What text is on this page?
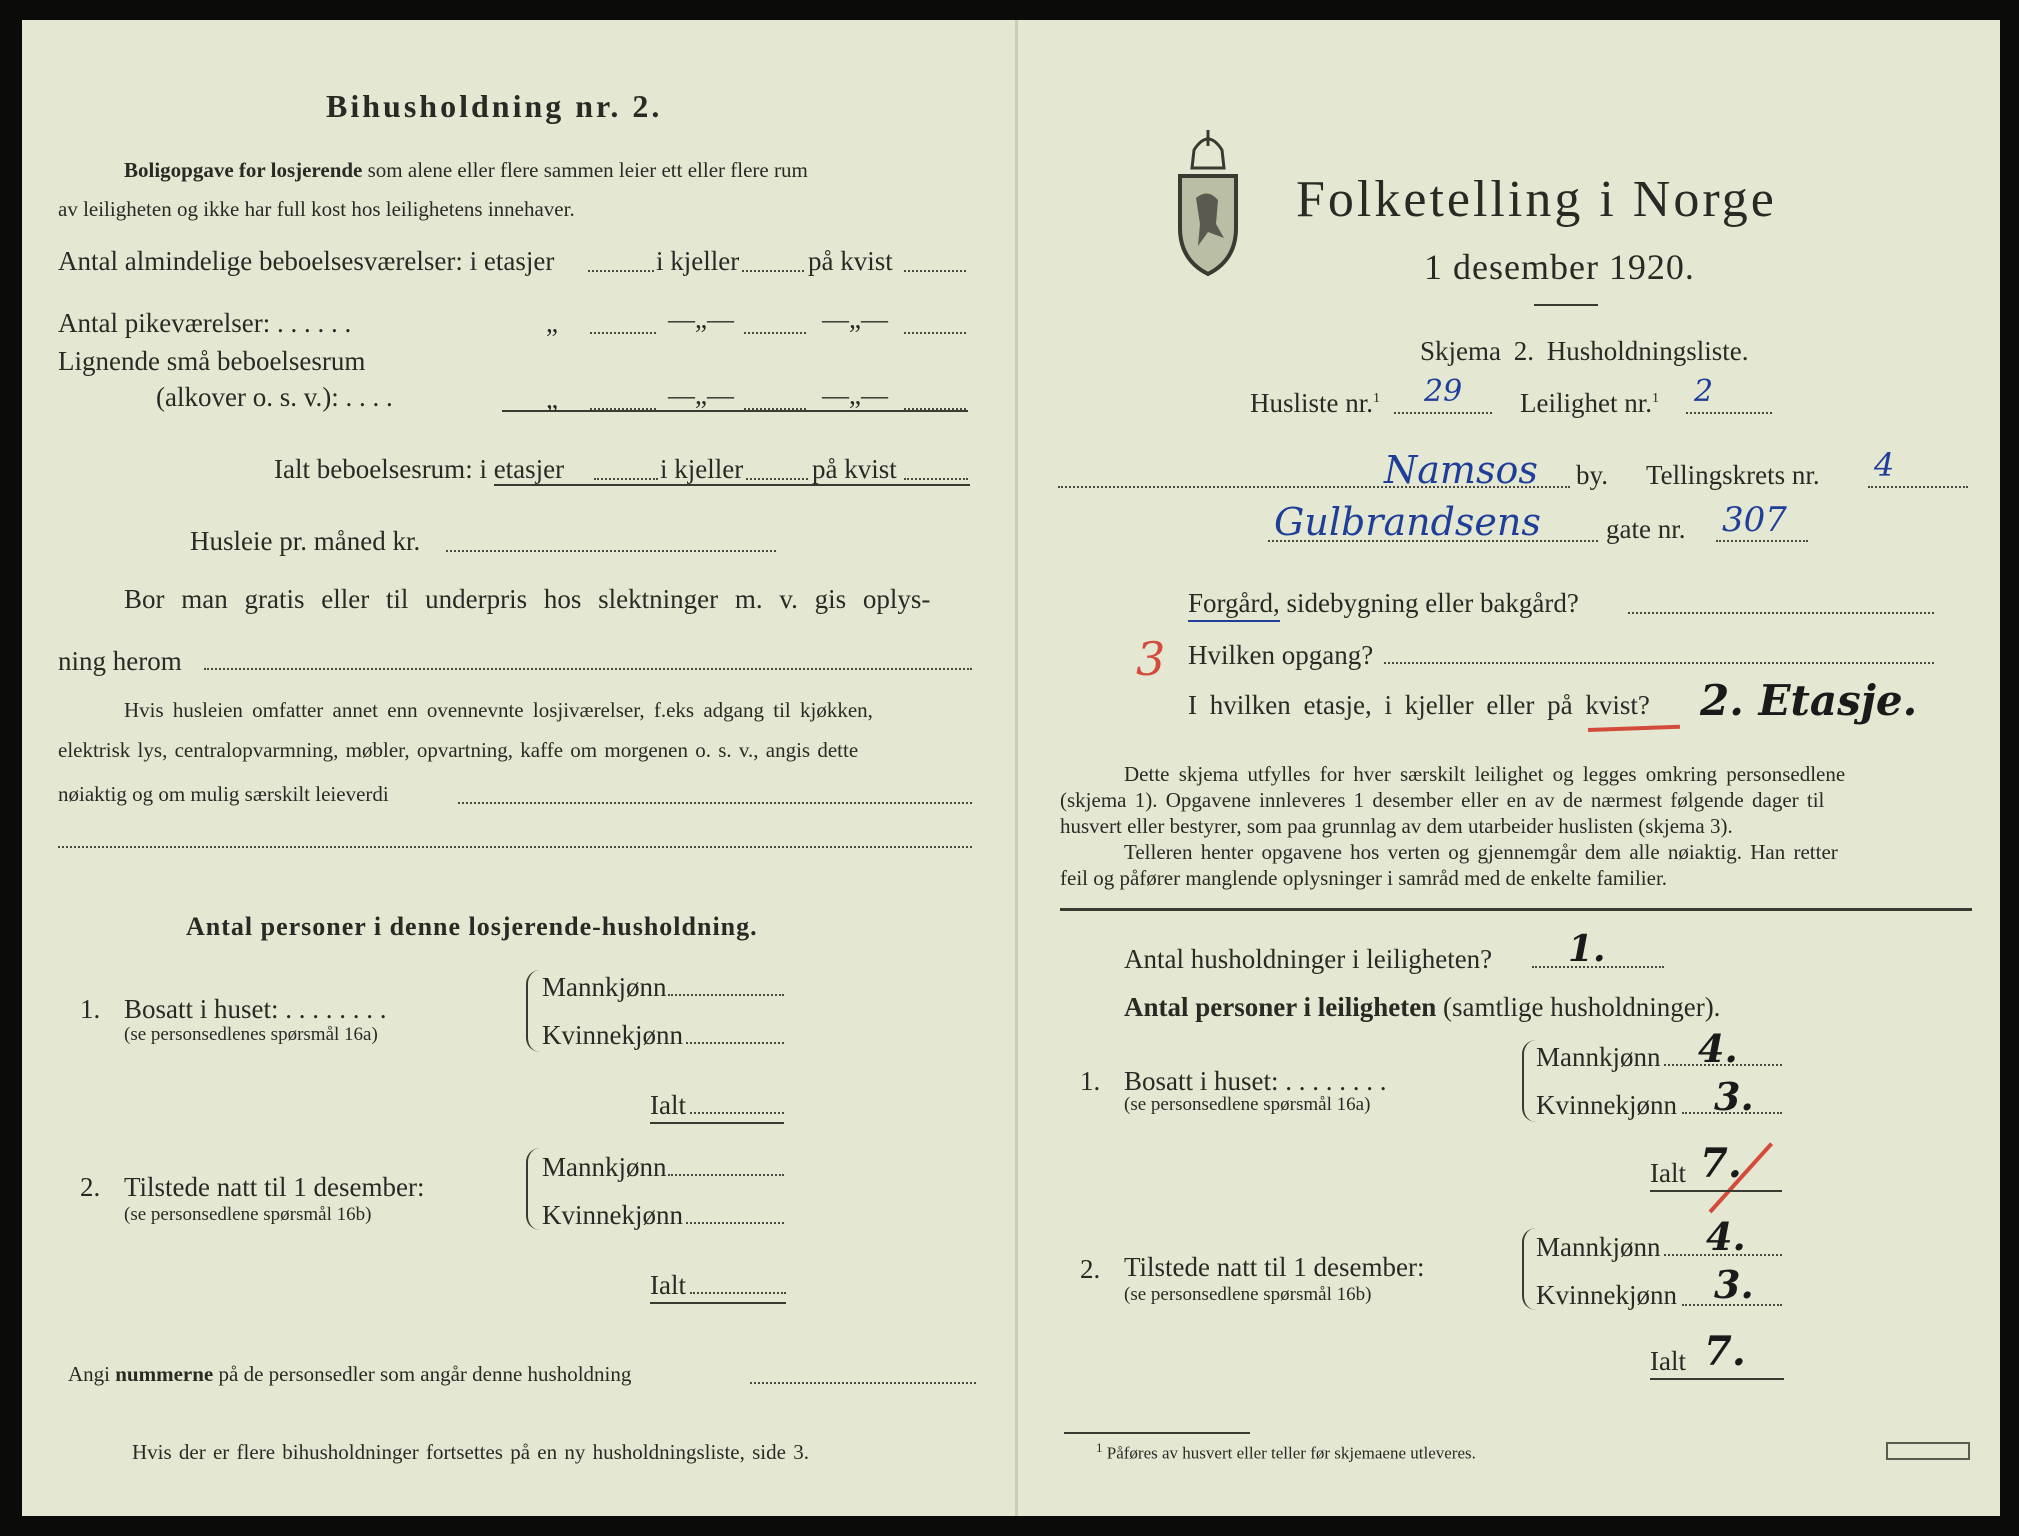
Bihusholdning nr. 2.
Boligopgave for losjerende som alene eller flere sammen leier ett eller flere rum
av leiligheten og ikke har full kost hos leilighetens innehaver.
Antal almindelige beboelsesværelser: i etasjer	i kjeller	på kvist
Antal pikeværelser: . . . . . .	„	—„—	—„—
Lignende små beboelsesrum
(alkover o. s. v.): . . . .	„	—„—	—„—
Ialt beboelsesrum: i etasjer	i kjeller	på kvist
Husleie pr. måned kr.
Bor man gratis eller til underpris hos slektninger m. v. gis oplys-
ning herom
Hvis husleien omfatter annet enn ovennevnte losjiværelser, f.eks adgang til kjøkken,
elektrisk lys, centralopvarmning, møbler, opvartning, kaffe om morgenen o. s. v., angis dette
nøiaktig og om mulig særskilt leieverdi
Antal personer i denne losjerende-husholdning.
1. Bosatt i huset: . . . . . . . .
(se personsedlenes spørsmål 16a)
Mannkjønn
Kvinnekjønn
Ialt
2. Tilstede natt til 1 desember:
(se personsedlene spørsmål 16b)
Mannkjønn
Kvinnekjønn
Ialt
Angi nummerne på de personsedler som angår denne husholdning
Hvis der er flere bihusholdninger fortsettes på en ny husholdningsliste, side 3.
Folketelling i Norge
1 desember 1920.
Skjema 2. Husholdningsliste.
Husliste nr.$^1$ 29 Leilighet nr.$^1$ 2
Namsos by. Tellingskrets nr. 4
Gulbrandsens gate nr. 307
Forgård, sidebygning eller bakgård?
3 Hvilken opgang?
I hvilken etasje, i kjeller eller på kvist? 2. Etasje.
Dette skjema utfylles for hver særskilt leilighet og legges omkring personsedlene
(skjema 1). Opgavene innleveres 1 desember eller en av de nærmest følgende dager til
husvert eller bestyrer, som paa grunnlag av dem utarbeider huslisten (skjema 3).
Telleren henter opgavene hos verten og gjennemgår dem alle nøiaktig. Han retter
feil og påfører manglende oplysninger i samråd med de enkelte familier.
Antal husholdninger i leiligheten? 1.
Antal personer i leiligheten (samtlige husholdninger).
1. Bosatt i huset: . . . . . . . .
(se personsedlene spørsmål 16a)
Mannkjønn 4.
Kvinnekjønn 3.
Ialt 7.
2. Tilstede natt til 1 desember:
(se personsedlene spørsmål 16b)
Mannkjønn 4.
Kvinnekjønn 3.
Ialt 7.
$^1$ Påføres av husvert eller teller før skjemaene utleveres.
